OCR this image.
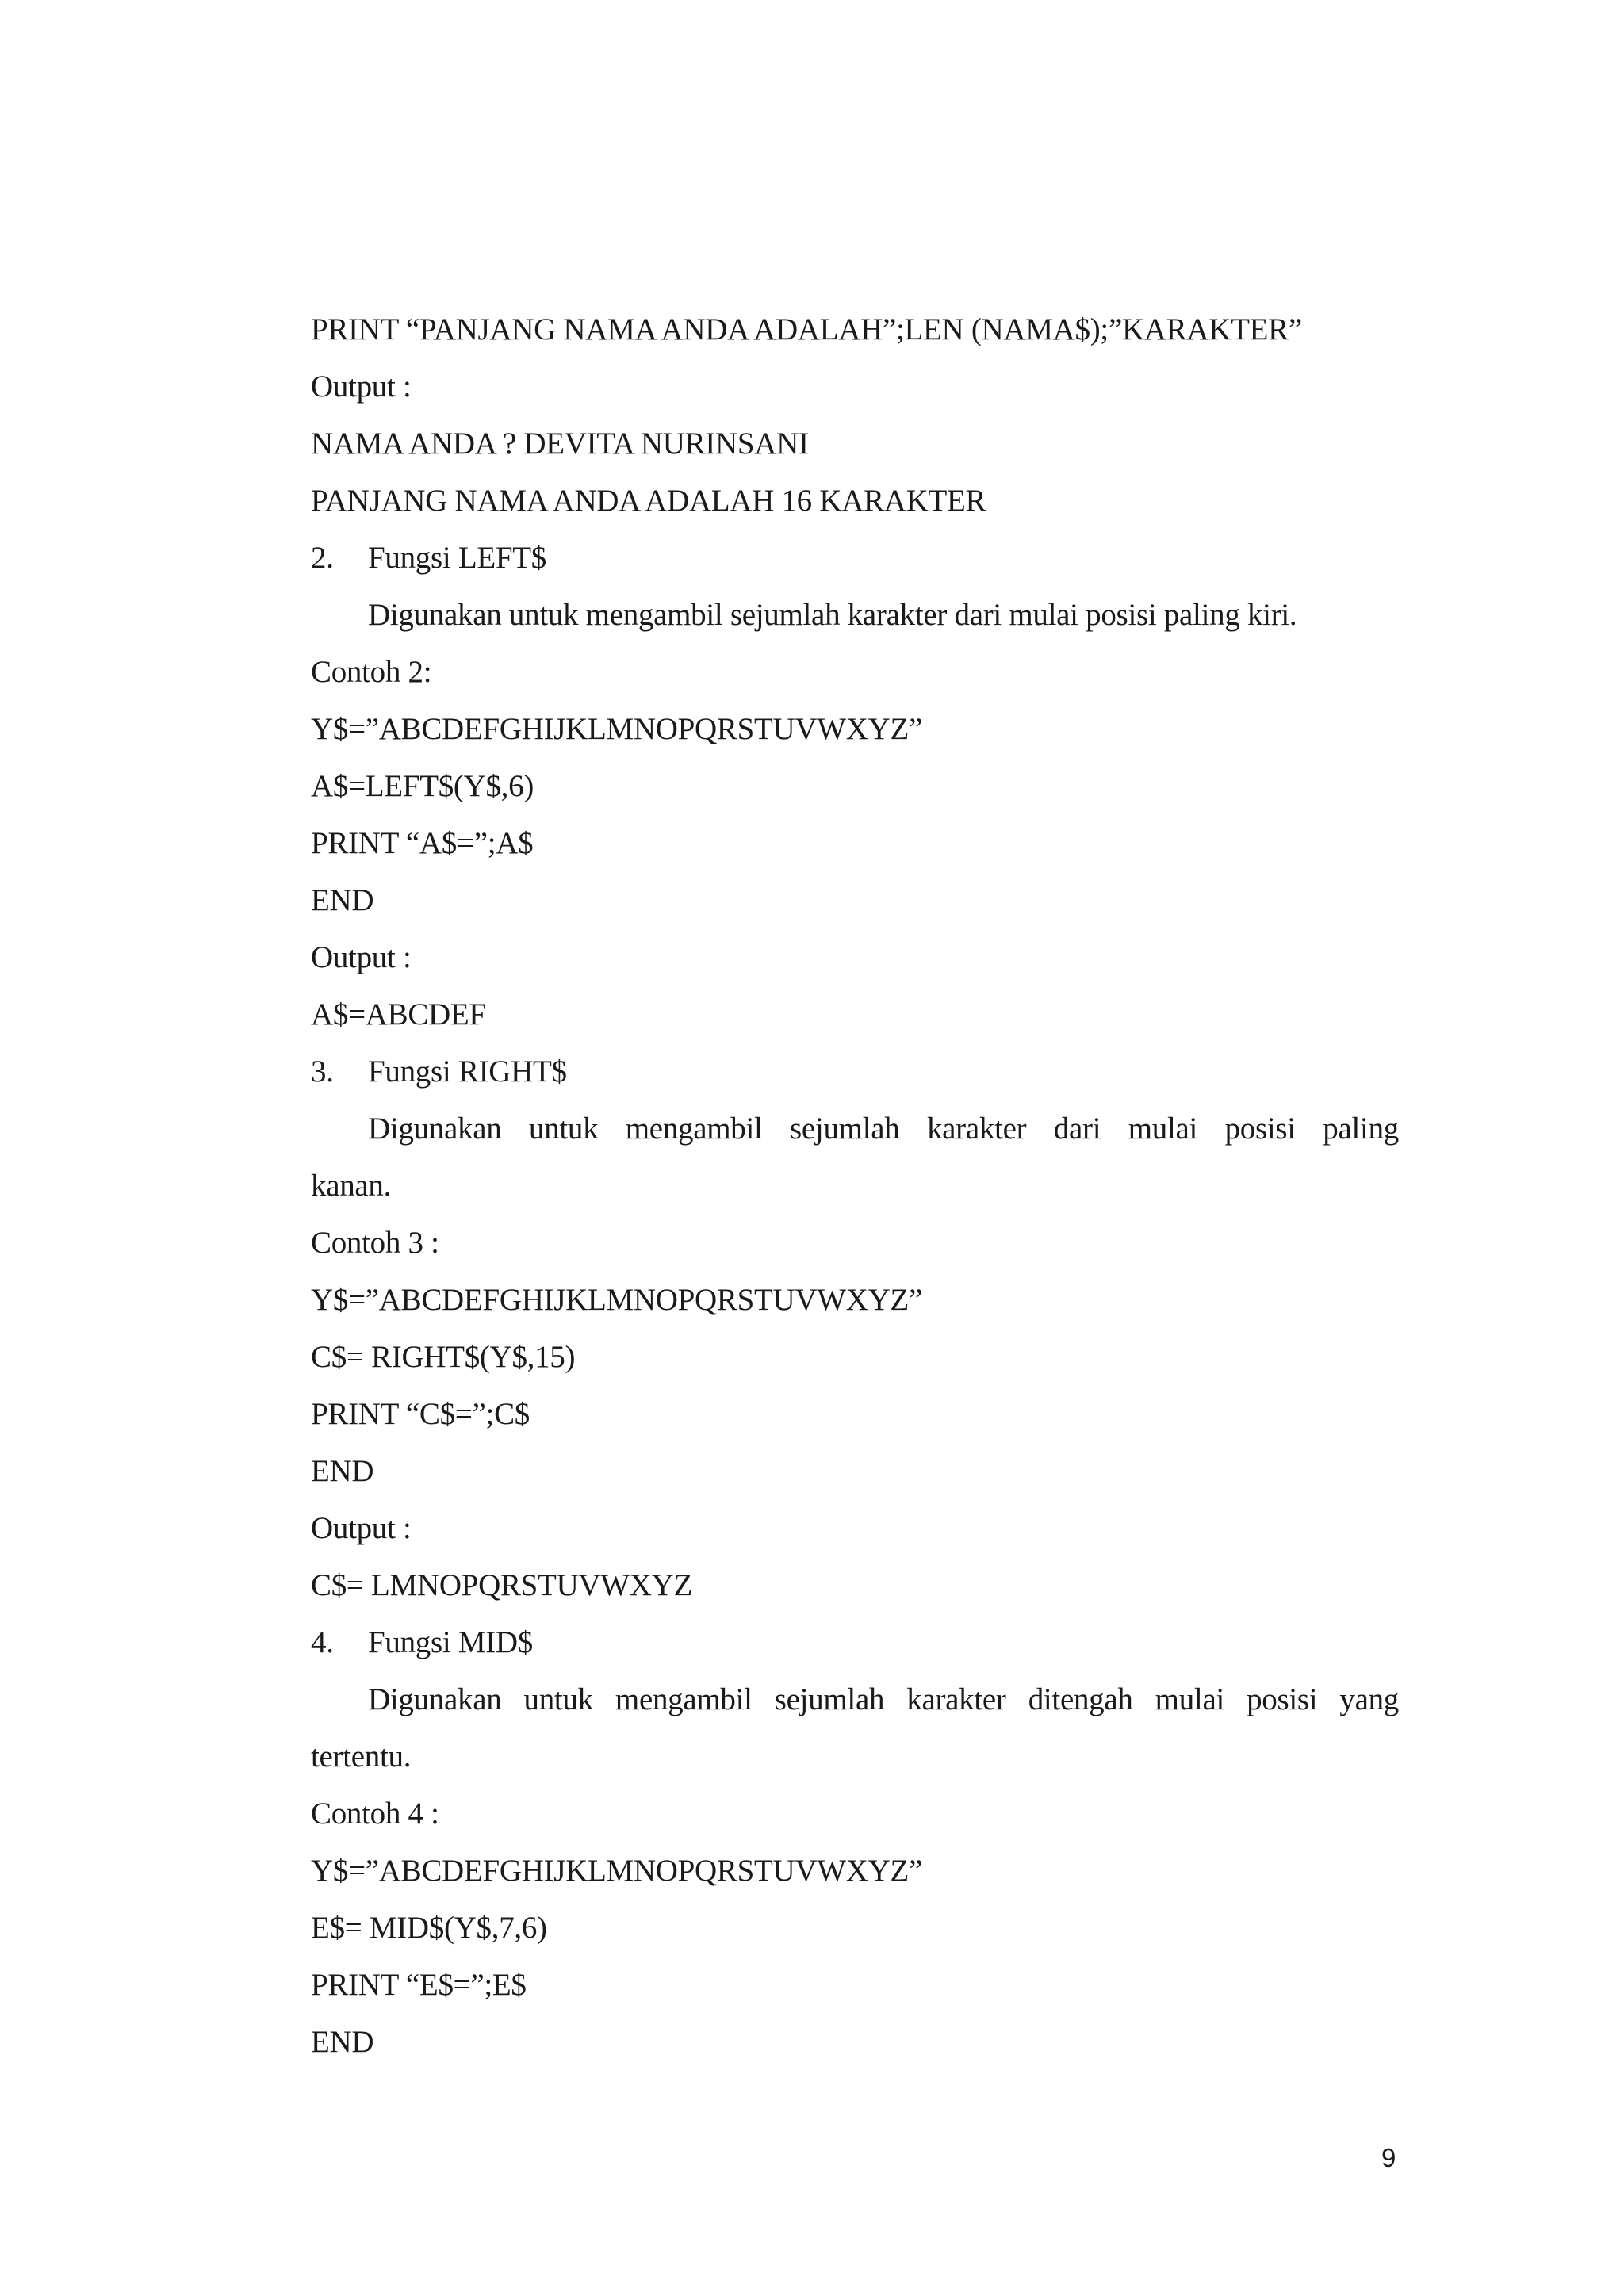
PRINT “PANJANG NAMA ANDA ADALAH”;LEN (NAMA$);”KARAKTER”
Output :
NAMA ANDA ? DEVITA NURINSANI
PANJANG NAMA ANDA ADALAH 16 KARAKTER
2. Fungsi LEFT$
Digunakan untuk mengambil sejumlah karakter dari mulai posisi paling kiri.
Contoh 2:
Y$=”ABCDEFGHIJKLMNOPQRSTUVWXYZ”
A$=LEFT$(Y$,6)
PRINT “A$=”;A$
END
Output :
A$=ABCDEF
3. Fungsi RIGHT$
Digunakan untuk mengambil sejumlah karakter dari mulai posisi paling
kanan.
Contoh 3 :
Y$=”ABCDEFGHIJKLMNOPQRSTUVWXYZ”
C$= RIGHT$(Y$,15)
PRINT “C$=”;C$
END
Output :
C$= LMNOPQRSTUVWXYZ
4. Fungsi MID$
Digunakan untuk mengambil sejumlah karakter ditengah mulai posisi yang
tertentu.
Contoh 4 :
Y$=”ABCDEFGHIJKLMNOPQRSTUVWXYZ”
E$= MID$(Y$,7,6)
PRINT “E$=”;E$
END
9
